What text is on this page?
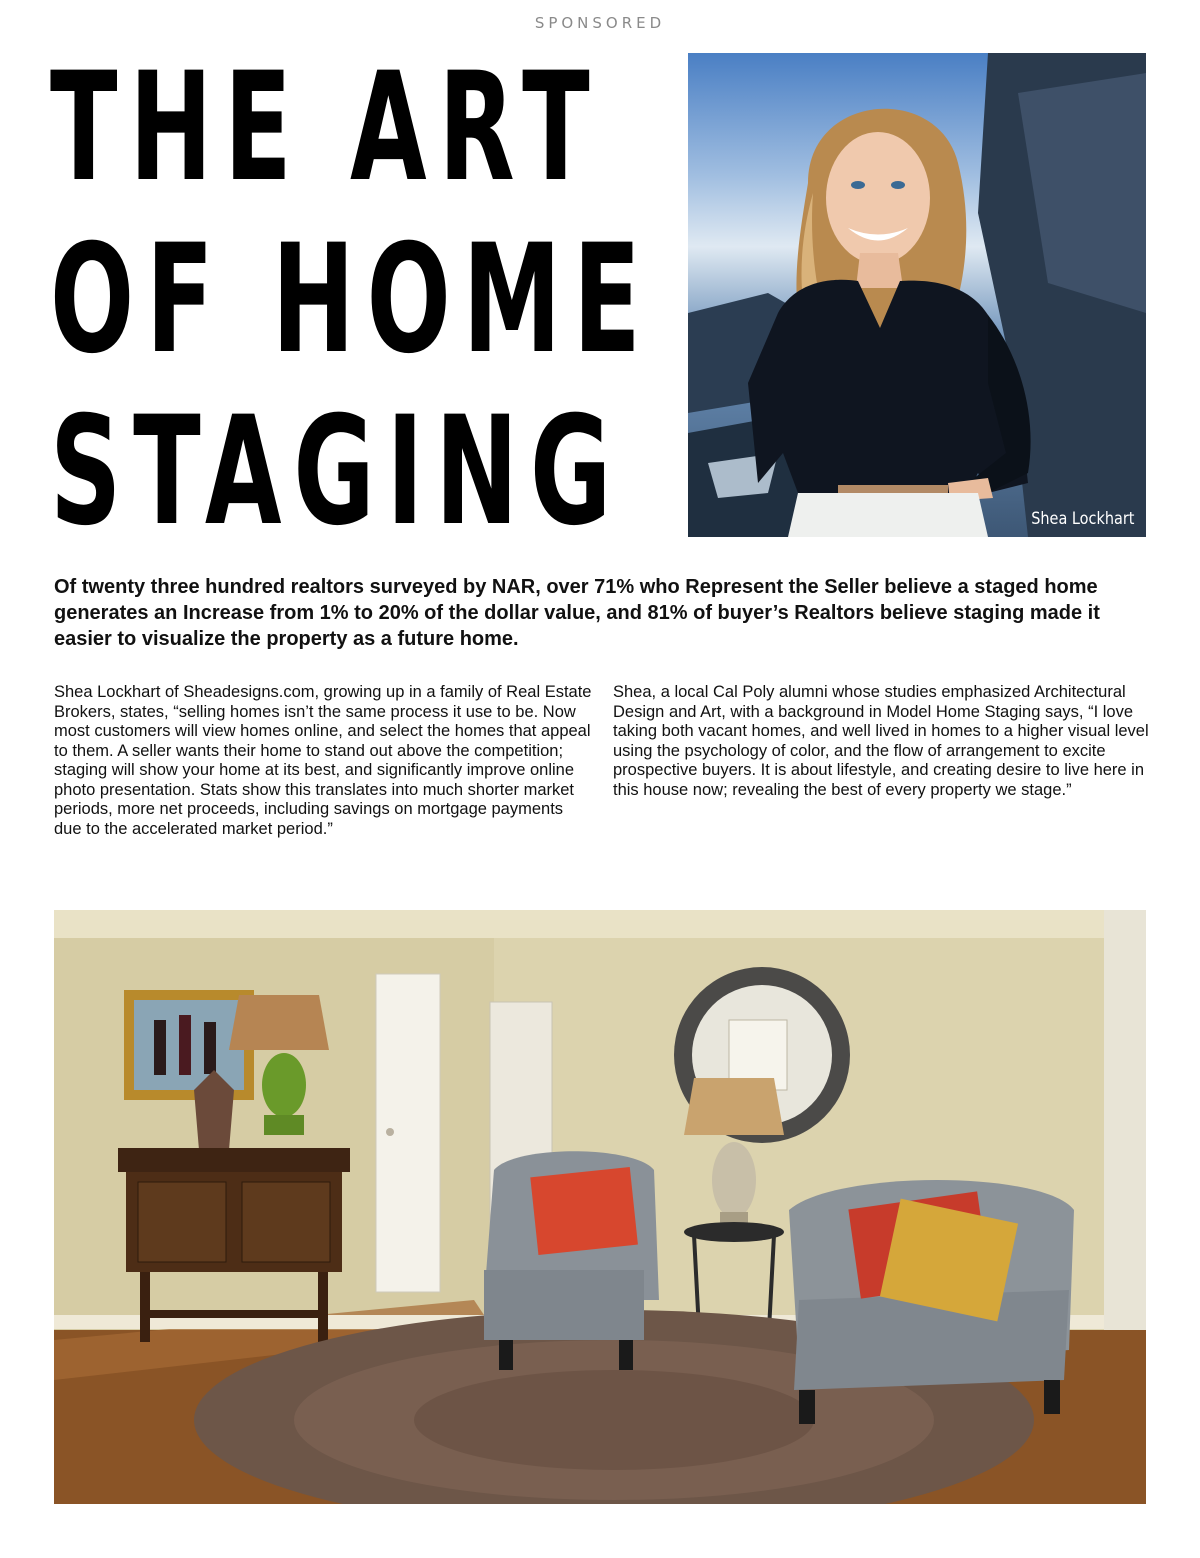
SPONSORED
THE ART
OF HOME
STAGING	Shea Lockhart

Of twenty three hundred realtors surveyed by NAR, over 71% who Represent the Seller believe a staged home generates an Increase from 1% to 20% of the dollar value, and 81% of buyer’s Realtors believe staging made it easier to visualize the property as a future home.

Shea Lockhart of Sheadesigns.com, growing up in a family of Real Estate Brokers, states, “selling homes isn’t the same process it use to be. Now most customers will view homes online, and select the homes that appeal to them. A seller wants their home to stand out above the competition; staging will show your home at its best, and significantly improve online photo presentation. Stats show this translates into much shorter market periods, more net proceeds, including savings on mortgage payments due to the accelerated market period.”

Shea, a local Cal Poly alumni whose studies emphasized Architectural Design and Art, with a background in Model Home Staging says, “I love taking both vacant homes, and well lived in homes to a higher visual level using the psychology of color, and the flow of arrangement to excite prospective buyers. It is about lifestyle, and creating desire to live here in this house now; revealing the best of every property we stage.”
